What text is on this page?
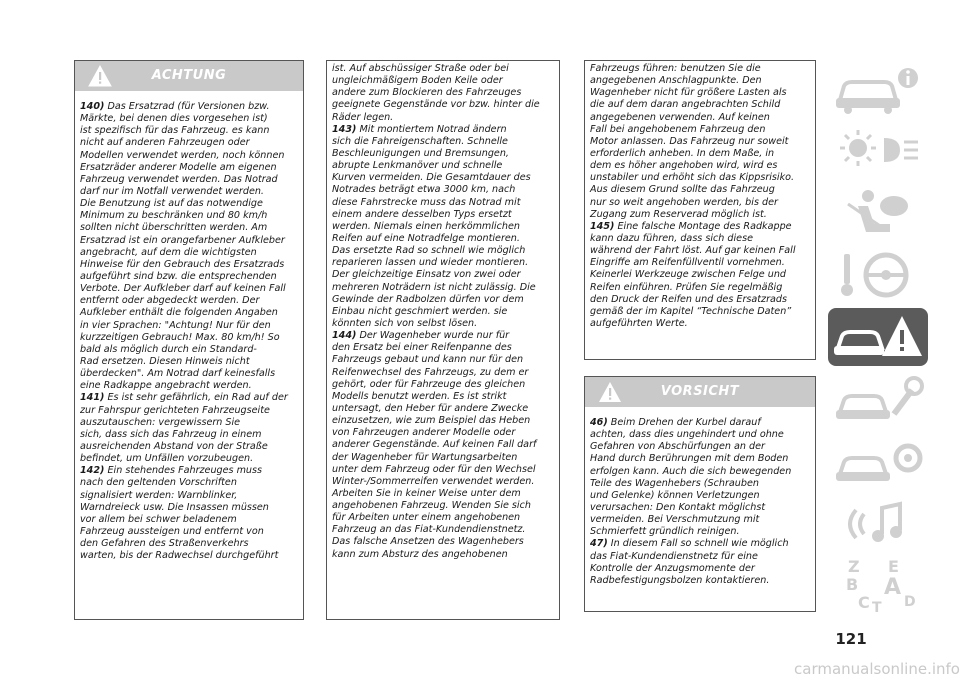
ACHTUNG
140) Das Ersatzrad (für Versionen bzw.
Märkte, bei denen dies vorgesehen ist)
ist spezifisch für das Fahrzeug. es kann
nicht auf anderen Fahrzeugen oder
Modellen verwendet werden, noch können
Ersatzräder anderer Modelle am eigenen
Fahrzeug verwendet werden. Das Notrad
darf nur im Notfall verwendet werden.
Die Benutzung ist auf das notwendige
Minimum zu beschränken und 80 km/h
sollten nicht überschritten werden. Am
Ersatzrad ist ein orangefarbener Aufkleber
angebracht, auf dem die wichtigsten
Hinweise für den Gebrauch des Ersatzrads
aufgeführt sind bzw. die entsprechenden
Verbote. Der Aufkleber darf auf keinen Fall
entfernt oder abgedeckt werden. Der
Aufkleber enthält die folgenden Angaben
in vier Sprachen: "Achtung! Nur für den
kurzzeitigen Gebrauch! Max. 80 km/h! So
bald als möglich durch ein Standard-
Rad ersetzen. Diesen Hinweis nicht
überdecken". Am Notrad darf keinesfalls
eine Radkappe angebracht werden.
141) Es ist sehr gefährlich, ein Rad auf der
zur Fahrspur gerichteten Fahrzeugseite
auszutauschen: vergewissern Sie
sich, dass sich das Fahrzeug in einem
ausreichenden Abstand von der Straße
befindet, um Unfällen vorzubeugen.
142) Ein stehendes Fahrzeuges muss
nach den geltenden Vorschriften
signalisiert werden: Warnblinker,
Warndreieck usw. Die Insassen müssen
vor allem bei schwer beladenem
Fahrzeug aussteigen und entfernt von
den Gefahren des Straßenverkehrs
warten, bis der Radwechsel durchgeführt
ist. Auf abschüssiger Straße oder bei
ungleichmäßigem Boden Keile oder
andere zum Blockieren des Fahrzeuges
geeignete Gegenstände vor bzw. hinter die
Räder legen.
143) Mit montiertem Notrad ändern
sich die Fahreigenschaften. Schnelle
Beschleunigungen und Bremsungen,
abrupte Lenkmanöver und schnelle
Kurven vermeiden. Die Gesamtdauer des
Notrades beträgt etwa 3000 km, nach
diese Fahrstrecke muss das Notrad mit
einem andere desselben Typs ersetzt
werden. Niemals einen herkömmlichen
Reifen auf eine Notradfelge montieren.
Das ersetzte Rad so schnell wie möglich
reparieren lassen und wieder montieren.
Der gleichzeitige Einsatz von zwei oder
mehreren Noträdern ist nicht zulässig. Die
Gewinde der Radbolzen dürfen vor dem
Einbau nicht geschmiert werden. sie
könnten sich von selbst lösen.
144) Der Wagenheber wurde nur für
den Ersatz bei einer Reifenpanne des
Fahrzeugs gebaut und kann nur für den
Reifenwechsel des Fahrzeugs, zu dem er
gehört, oder für Fahrzeuge des gleichen
Modells benutzt werden. Es ist strikt
untersagt, den Heber für andere Zwecke
einzusetzen, wie zum Beispiel das Heben
von Fahrzeugen anderer Modelle oder
anderer Gegenstände. Auf keinen Fall darf
der Wagenheber für Wartungsarbeiten
unter dem Fahrzeug oder für den Wechsel
Winter-/Sommerreifen verwendet werden.
Arbeiten Sie in keiner Weise unter dem
angehobenen Fahrzeug. Wenden Sie sich
für Arbeiten unter einem angehobenen
Fahrzeug an das Fiat-Kundendienstnetz.
Das falsche Ansetzen des Wagenhebers
kann zum Absturz des angehobenen
Fahrzeugs führen: benutzen Sie die
angegebenen Anschlagpunkte. Den
Wagenheber nicht für größere Lasten als
die auf dem daran angebrachten Schild
angegebenen verwenden. Auf keinen
Fall bei angehobenem Fahrzeug den
Motor anlassen. Das Fahrzeug nur soweit
erforderlich anheben. In dem Maße, in
dem es höher angehoben wird, wird es
unstabiler und erhöht sich das Kippsrisiko.
Aus diesem Grund sollte das Fahrzeug
nur so weit angehoben werden, bis der
Zugang zum Reserverad möglich ist.
145) Eine falsche Montage des Radkappe
kann dazu führen, dass sich diese
während der Fahrt löst. Auf gar keinen Fall
Eingriffe am Reifenfüllventil vornehmen.
Keinerlei Werkzeuge zwischen Felge und
Reifen einführen. Prüfen Sie regelmäßig
den Druck der Reifen und des Ersatzrads
gemäß der im Kapitel “Technische Daten”
aufgeführten Werte.
VORSICHT
46) Beim Drehen der Kurbel darauf
achten, dass dies ungehindert und ohne
Gefahren von Abschürfungen an der
Hand durch Berührungen mit dem Boden
erfolgen kann. Auch die sich bewegenden
Teile des Wagenhebers (Schrauben
und Gelenke) können Verletzungen
verursachen: Den Kontakt möglichst
vermeiden. Bei Verschmutzung mit
Schmierfett gründlich reinigen.
47) In diesem Fall so schnell wie möglich
das Fiat-Kundendienstnetz für eine
Kontrolle der Anzugsmomente der
Radbefestigungsbolzen kontaktieren.
Z E
B A
C D
T
121
carmanualsonline.info
